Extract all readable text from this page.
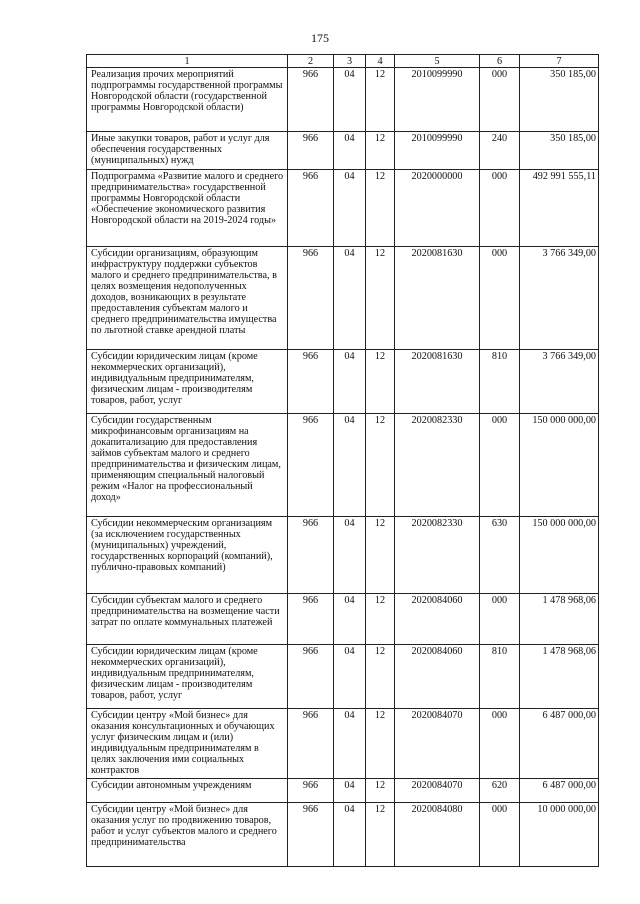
175
1	2	3	4	5	6	7
Реализация прочих мероприятий подпрограммы государственной программы Новгородской области (государственной программы Новгородской области)	966	04	12	2010099990	000	350 185,00
Иные закупки товаров, работ и услуг для обеспечения государственных (муниципальных) нужд	966	04	12	2010099990	240	350 185,00
Подпрограмма «Развитие малого и среднего предпринимательства» государственной программы Новгородской области «Обеспечение экономического развития Новгородской области на 2019-2024 годы»	966	04	12	2020000000	000	492 991 555,11
Субсидии организациям, образующим инфраструктуру поддержки субъектов малого и среднего предпринимательства, в целях возмещения недополученных доходов, возникающих в результате предоставления субъектам малого и среднего предпринимательства имущества по льготной ставке арендной платы	966	04	12	2020081630	000	3 766 349,00
Субсидии юридическим лицам (кроме некоммерческих организаций), индивидуальным предпринимателям, физическим лицам - производителям товаров, работ, услуг	966	04	12	2020081630	810	3 766 349,00
Субсидии государственным микрофинансовым организациям на докапитализацию для предоставления займов субъектам малого и среднего предпринимательства и физическим лицам, применяющим специальный налоговый режим «Налог на профессиональный доход»	966	04	12	2020082330	000	150 000 000,00
Субсидии некоммерческим организациям (за исключением государственных (муниципальных) учреждений, государственных корпораций (компаний), публично-правовых компаний)	966	04	12	2020082330	630	150 000 000,00
Субсидии субъектам малого и среднего предпринимательства на возмещение части затрат по оплате коммунальных платежей	966	04	12	2020084060	000	1 478 968,06
Субсидии юридическим лицам (кроме некоммерческих организаций), индивидуальным предпринимателям, физическим лицам - производителям товаров, работ, услуг	966	04	12	2020084060	810	1 478 968,06
Субсидии центру «Мой бизнес» для оказания консультационных и обучающих услуг физическим лицам и (или) индивидуальным предпринимателям в целях заключения ими социальных контрактов	966	04	12	2020084070	000	6 487 000,00
Субсидии автономным учреждениям	966	04	12	2020084070	620	6 487 000,00
Субсидии центру «Мой бизнес» для оказания услуг по продвижению товаров, работ и услуг субъектов малого и среднего предпринимательства	966	04	12	2020084080	000	10 000 000,00
